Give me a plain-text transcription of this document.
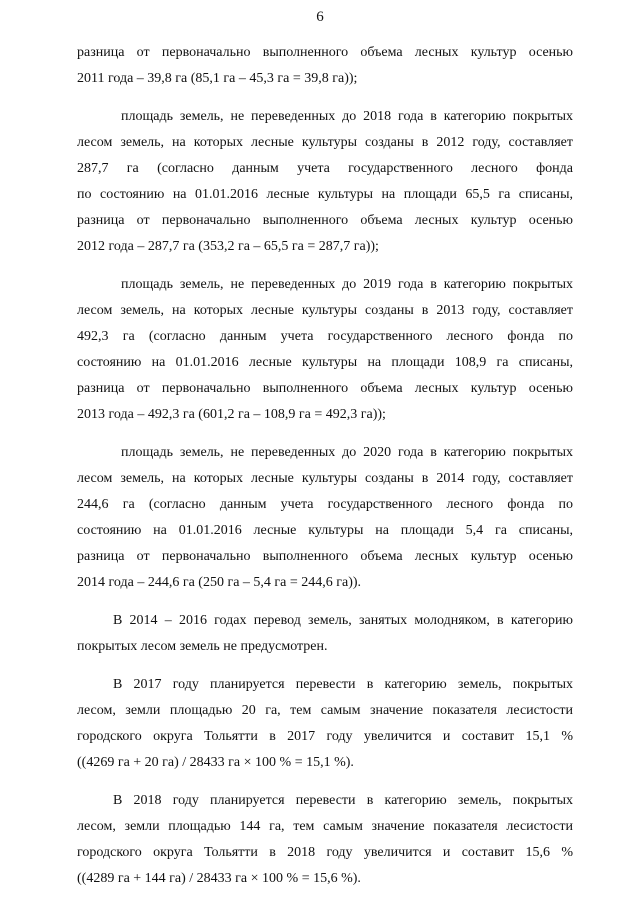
6

разница от первоначально выполненного объема лесных культур осенью
2011 года – 39,8 га (85,1 га – 45,3 га = 39,8 га));

площадь земель, не переведенных до 2018 года в категорию покрытых
лесом земель, на которых лесные культуры созданы в 2012 году, составляет
287,7 га (согласно данным учета государственного лесного фонда
по состоянию на 01.01.2016 лесные культуры на площади 65,5 га списаны,
разница от первоначально выполненного объема лесных культур осенью
2012 года – 287,7 га (353,2 га – 65,5 га = 287,7 га));

площадь земель, не переведенных до 2019 года в категорию покрытых
лесом земель, на которых лесные культуры созданы в 2013 году, составляет
492,3 га (согласно данным учета государственного лесного фонда по
состоянию на 01.01.2016 лесные культуры на площади 108,9 га списаны,
разница от первоначально выполненного объема лесных культур осенью
2013 года – 492,3 га (601,2 га – 108,9 га = 492,3 га));

площадь земель, не переведенных до 2020 года в категорию покрытых
лесом земель, на которых лесные культуры созданы в 2014 году, составляет
244,6 га (согласно данным учета государственного лесного фонда по
состоянию на 01.01.2016 лесные культуры на площади 5,4 га списаны,
разница от первоначально выполненного объема лесных культур осенью
2014 года – 244,6 га (250 га – 5,4 га = 244,6 га)).

В 2014 – 2016 годах перевод земель, занятых молодняком, в категорию
покрытых лесом земель не предусмотрен.

В 2017 году планируется перевести в категорию земель, покрытых
лесом, земли площадью 20 га, тем самым значение показателя лесистости
городского округа Тольятти в 2017 году увеличится и составит 15,1 %
((4269 га + 20 га) / 28433 га × 100 % = 15,1 %).

В 2018 году планируется перевести в категорию земель, покрытых
лесом, земли площадью 144 га, тем самым значение показателя лесистости
городского округа Тольятти в 2018 году увеличится и составит 15,6 %
((4289 га + 144 га) / 28433 га × 100 % = 15,6 %).
